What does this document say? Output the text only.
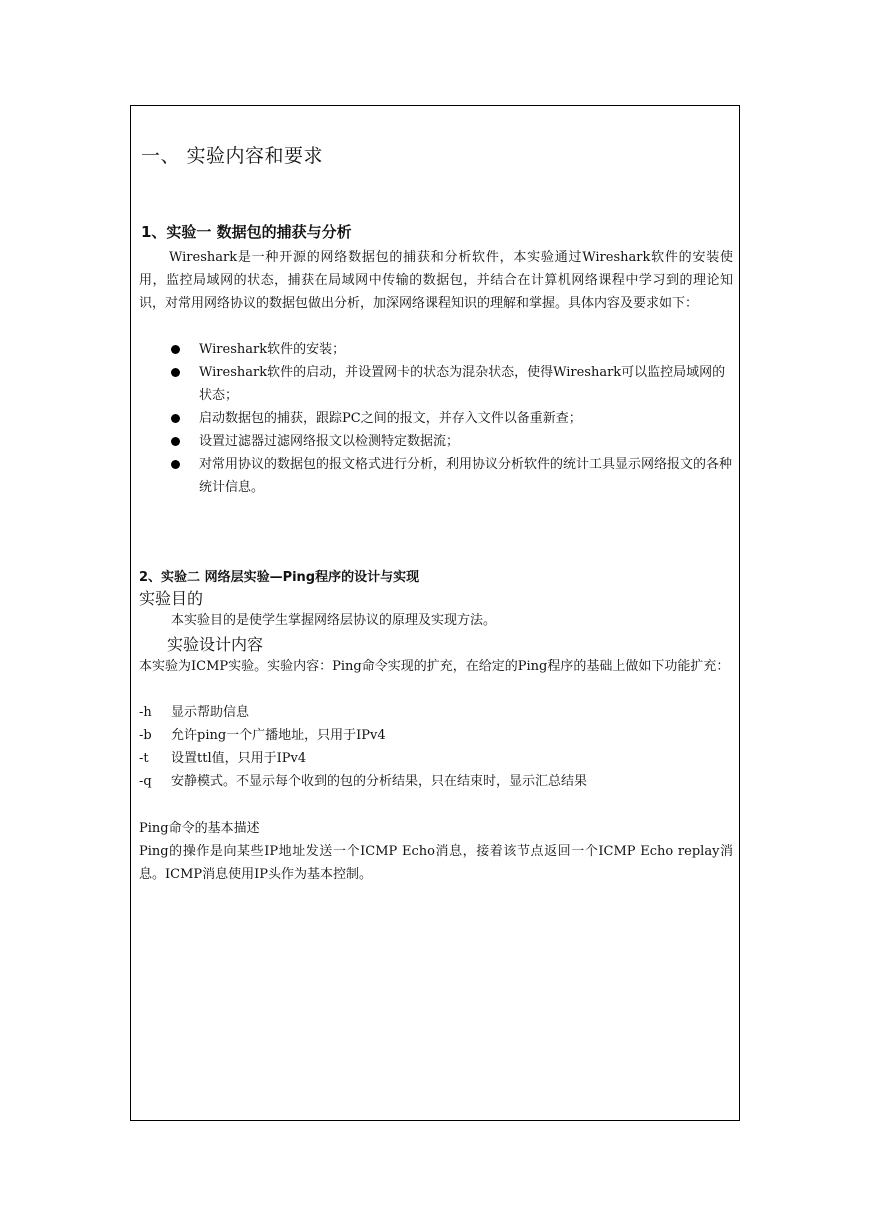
一、 实验内容和要求
1、实验一 数据包的捕获与分析
Wireshark是一种开源的网络数据包的捕获和分析软件，本实验通过Wireshark软件的安装使用，监控局域网的状态，捕获在局域网中传输的数据包，并结合在计算机网络课程中学习到的理论知识，对常用网络协议的数据包做出分析，加深网络课程知识的理解和掌握。具体内容及要求如下：
Wireshark软件的安装；
Wireshark软件的启动，并设置网卡的状态为混杂状态，使得Wireshark可以监控局域网的状态；
启动数据包的捕获，跟踪PC之间的报文，并存入文件以备重新查；
设置过滤器过滤网络报文以检测特定数据流；
对常用协议的数据包的报文格式进行分析，利用协议分析软件的统计工具显示网络报文的各种统计信息。
2、实验二 网络层实验—Ping程序的设计与实现
实验目的
本实验目的是使学生掌握网络层协议的原理及实现方法。
实验设计内容
本实验为ICMP实验。实验内容：Ping命令实现的扩充，在给定的Ping程序的基础上做如下功能扩充：
-h 显示帮助信息
-b 允许ping一个广播地址，只用于IPv4
-t 设置ttl值，只用于IPv4
-q 安静模式。不显示每个收到的包的分析结果，只在结束时，显示汇总结果
Ping命令的基本描述
Ping的操作是向某些IP地址发送一个ICMP Echo消息，接着该节点返回一个ICMP Echo replay消息。ICMP消息使用IP头作为基本控制。
